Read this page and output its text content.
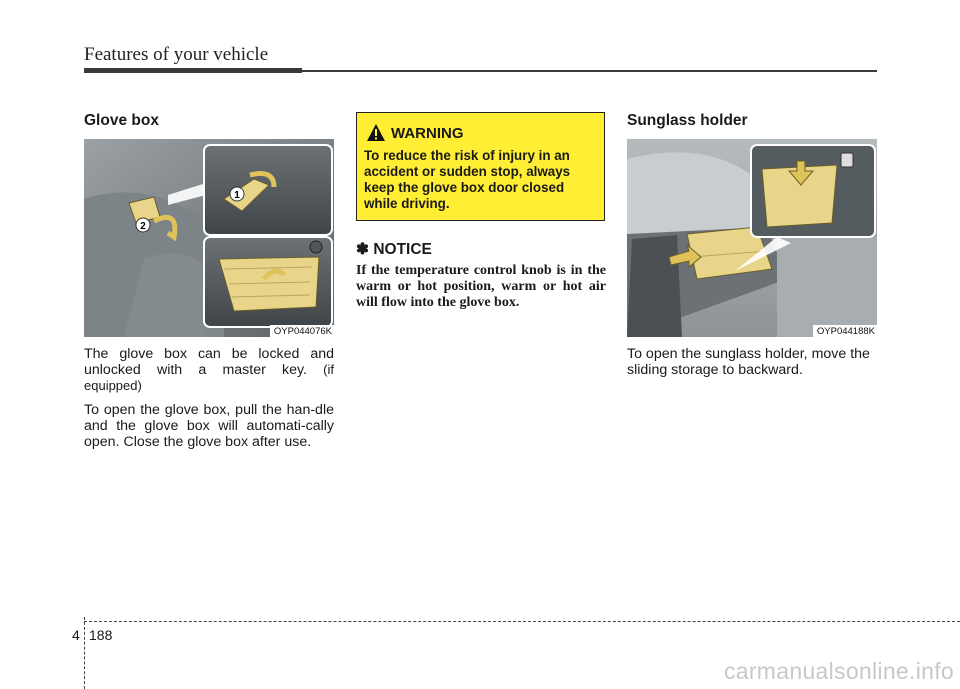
Features of your vehicle
Glove box
2
1
OYP044076K

The glove box can be locked and unlocked with a master key. (if equipped)

To open the glove box, pull the han-dle and the glove box will automati-cally open. Close the glove box after use.

WARNING
To reduce the risk of injury in an accident or sudden stop, always keep the glove box door closed while driving.
✽ NOTICE
If the temperature control knob is in the warm or hot position, warm or hot air will flow into the glove box.
Sunglass holder
OYP044188K
To open the sunglass holder, move the sliding storage to backward.
4 188
carmanualsonline.info
